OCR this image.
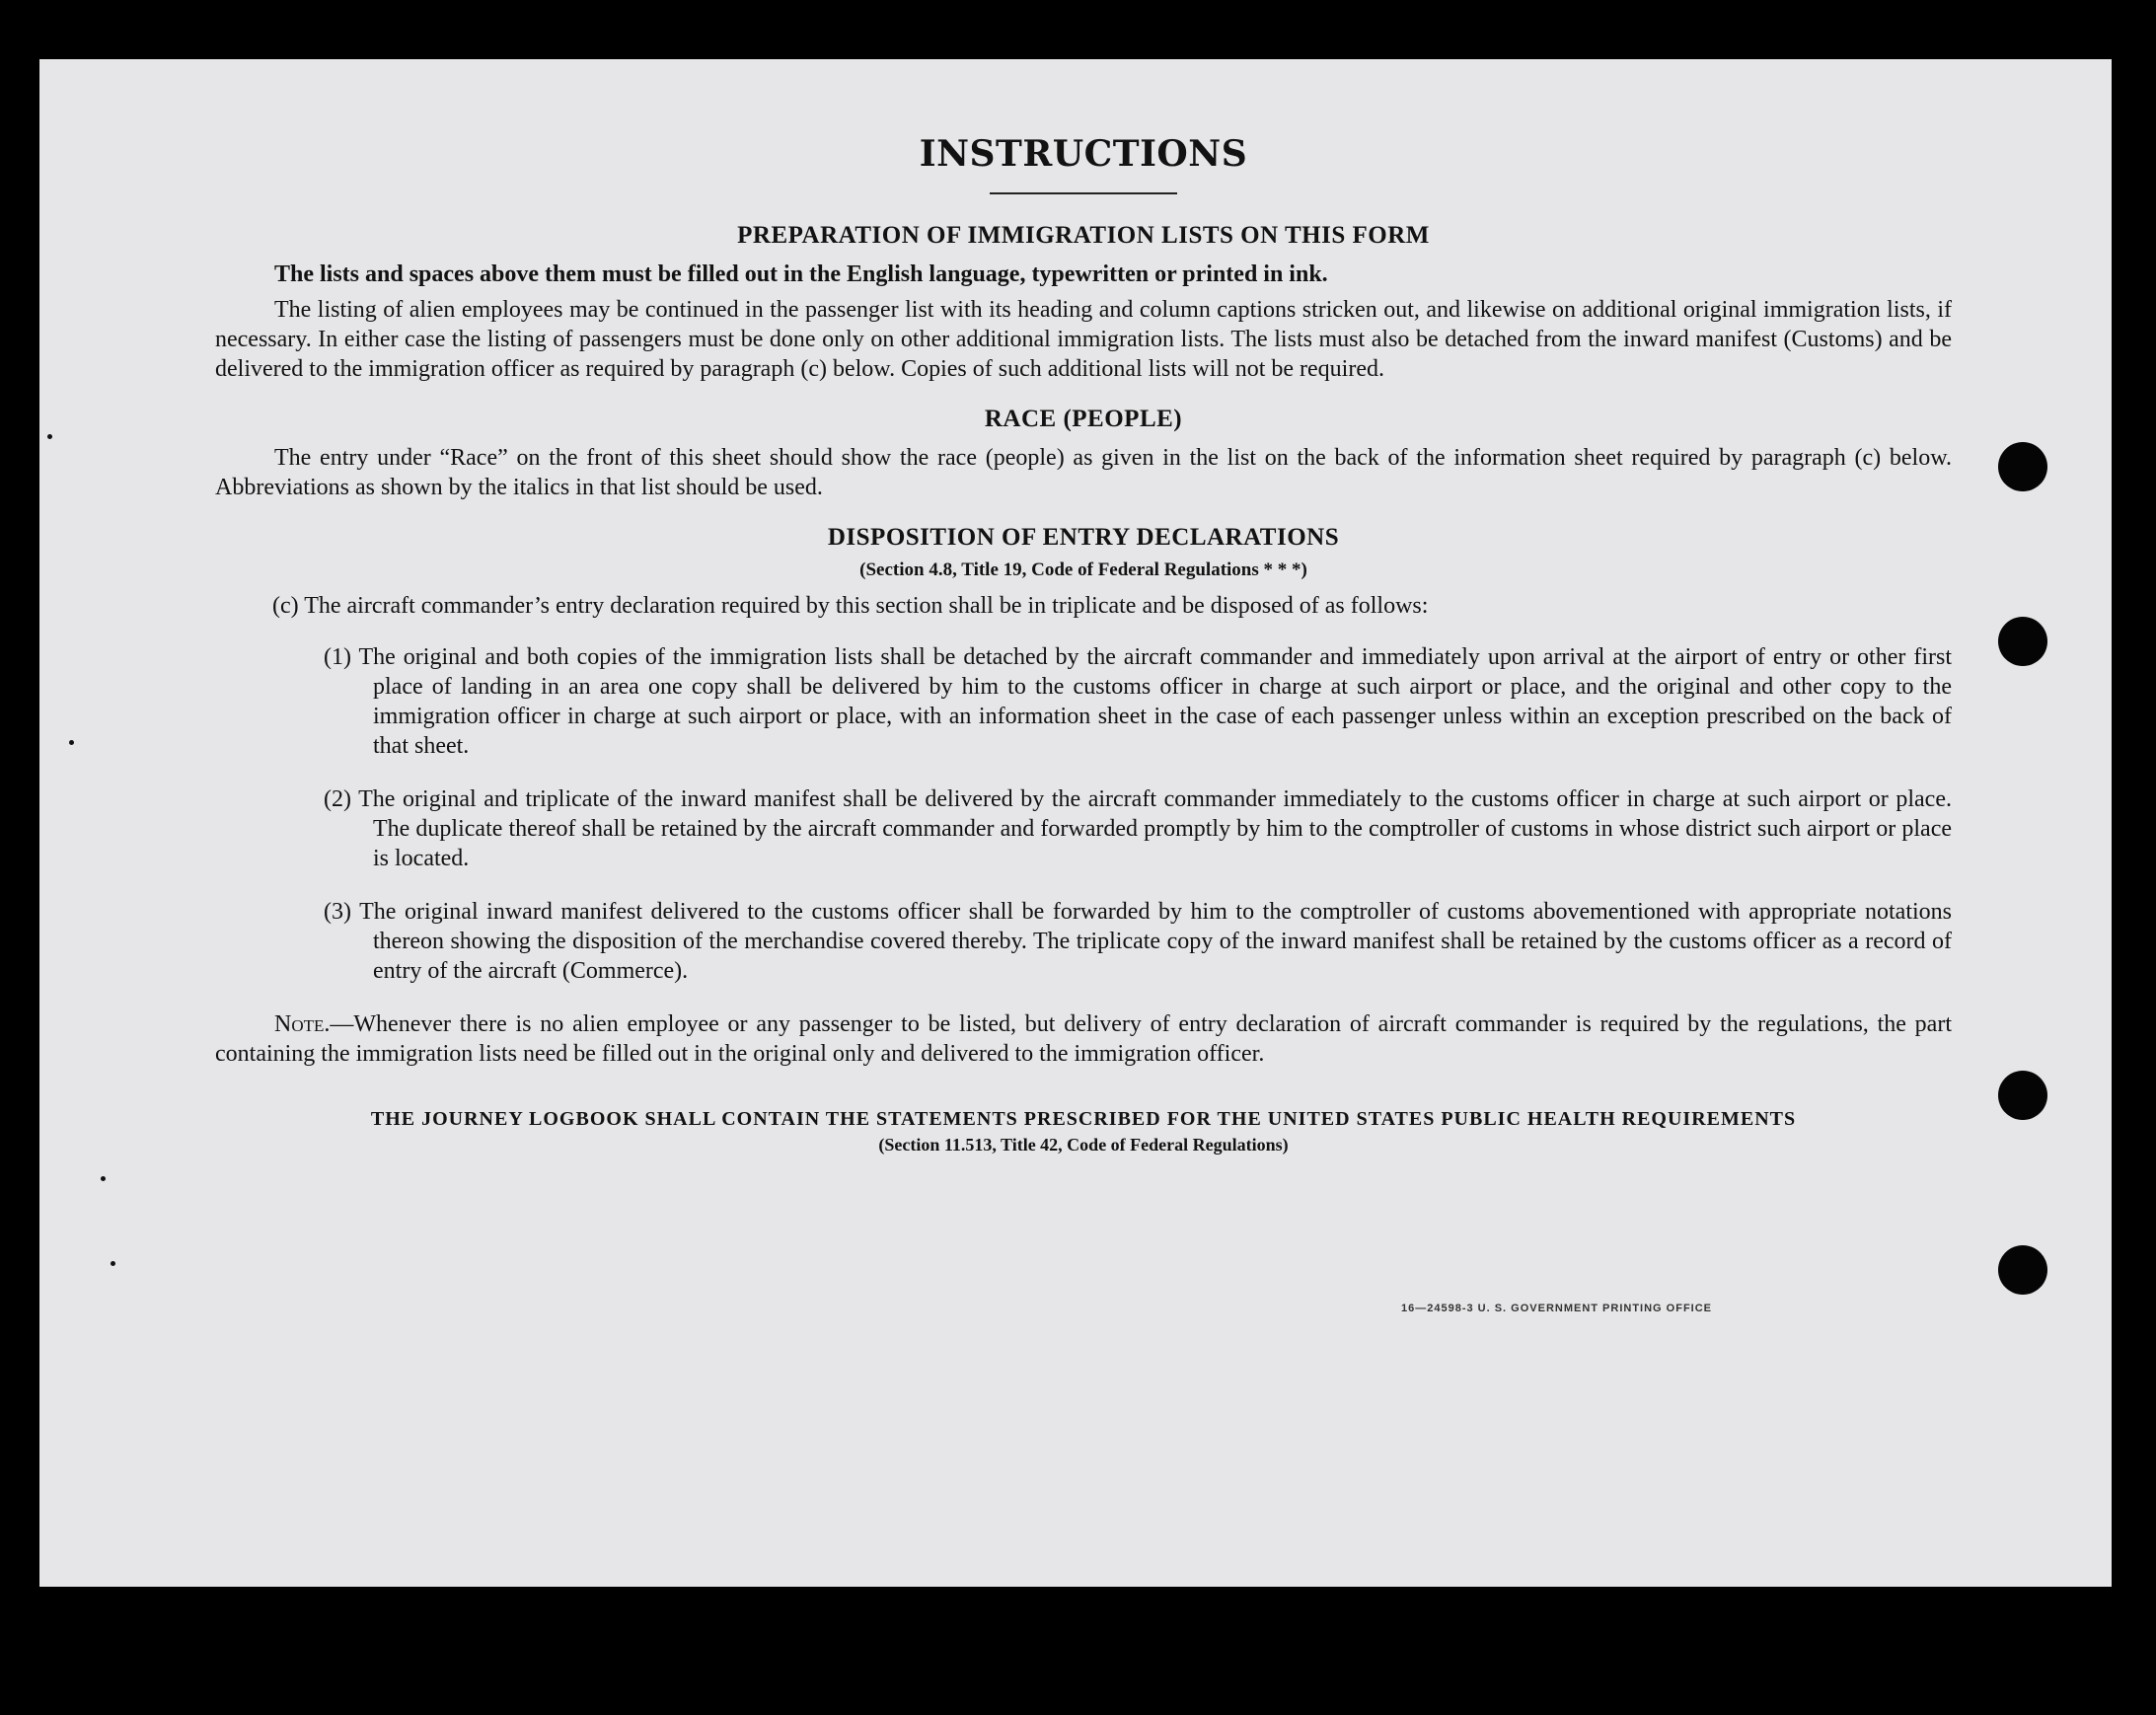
INSTRUCTIONS
PREPARATION OF IMMIGRATION LISTS ON THIS FORM

The lists and spaces above them must be filled out in the English language, typewritten or printed in ink.

The listing of alien employees may be continued in the passenger list with its heading and column captions stricken out, and likewise on additional original immigration lists, if necessary. In either case the listing of passengers must be done only on other additional immigration lists. The lists must also be detached from the inward manifest (Customs) and be delivered to the immigration officer as required by paragraph (c) below. Copies of such additional lists will not be required.

RACE (PEOPLE)

The entry under “Race” on the front of this sheet should show the race (people) as given in the list on the back of the information sheet required by paragraph (c) below. Abbreviations as shown by the italics in that list should be used.

DISPOSITION OF ENTRY DECLARATIONS
(Section 4.8, Title 19, Code of Federal Regulations * * *)
(c) The aircraft commander’s entry declaration required by this section shall be in triplicate and be disposed of as follows:
(1) The original and both copies of the immigration lists shall be detached by the aircraft commander and immediately upon arrival at the airport of entry or other first place of landing in an area one copy shall be delivered by him to the customs officer in charge at such airport or place, and the original and other copy to the immigration officer in charge at such airport or place, with an information sheet in the case of each passenger unless within an exception prescribed on the back of that sheet.
(2) The original and triplicate of the inward manifest shall be delivered by the aircraft commander immediately to the customs officer in charge at such airport or place. The duplicate thereof shall be retained by the aircraft commander and forwarded promptly by him to the comptroller of customs in whose district such airport or place is located.
(3) The original inward manifest delivered to the customs officer shall be forwarded by him to the comptroller of customs abovementioned with appropriate notations thereon showing the disposition of the merchandise covered thereby. The triplicate copy of the inward manifest shall be retained by the customs officer as a record of entry of the aircraft (Commerce).

Note.—Whenever there is no alien employee or any passenger to be listed, but delivery of entry declaration of aircraft commander is required by the regulations, the part containing the immigration lists need be filled out in the original only and delivered to the immigration officer.

THE JOURNEY LOGBOOK SHALL CONTAIN THE STATEMENTS PRESCRIBED FOR THE UNITED STATES PUBLIC HEALTH REQUIREMENTS
(Section 11.513, Title 42, Code of Federal Regulations)
16—24598-3 U. S. GOVERNMENT PRINTING OFFICE
